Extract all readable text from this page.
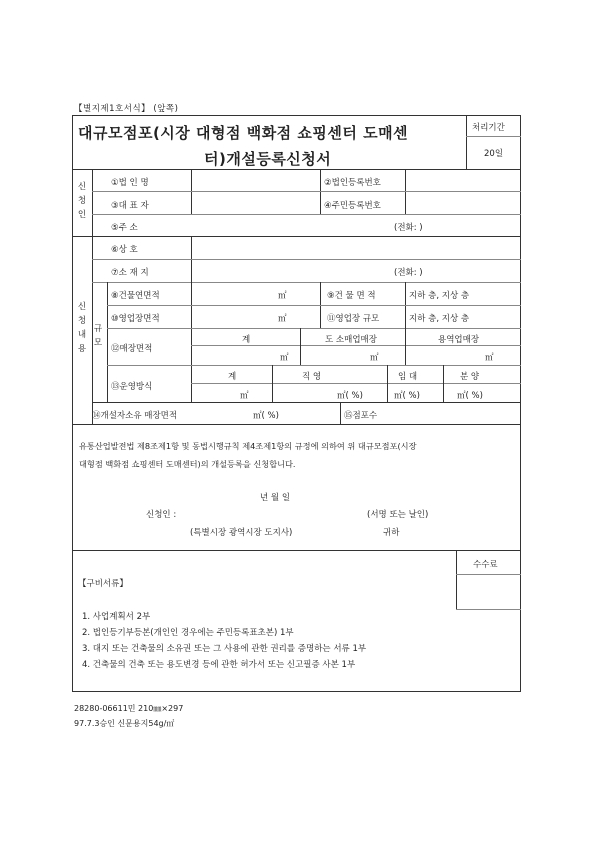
【별지제1호서식】 (앞쪽)
대규모점포(시장 대형점 백화점 쇼핑센터 도매센
터)개설등록신청서
처리기간
20일
신
청
인
①법 인 명	②법인등록번호
③대 표 자	④주민등록번호
⑤주 소	(전화: )
신
청
내
용
⑥상 호
⑦소 재 지	(전화: )
규
모
⑧건물연면적	㎡	⑨건 물 면 적	지하 층, 지상 층
⑩영업장면적	㎡	⑪영업장 규모	지하 층, 지상 층
⑫매장면적
계	도 소매업매장	용역업매장
㎡	㎡	㎡
⑬운영방식
계	직 영	임 대	분 양
㎡	㎡( %)	㎡( %)	㎡( %)
⑭개설자소유 매장면적	㎡( %)	⑮점포수
유통산업발전법 제8조제1항 및 동법시행규칙 제4조제1항의 규정에 의하여 위 대규모점포(시장
대형점 백화점 쇼핑센터 도매센터)의 개설등록을 신청합니다.
년 월 일
신청인 :	(서명 또는 날인)
(특별시장 광역시장 도지사)	귀하
수수료
【구비서류】
1. 사업계획서 2부
2. 법인등기부등본(개인인 경우에는 주민등록표초본) 1부
3. 대지 또는 건축물의 소유권 또는 그 사용에 관한 권리를 증명하는 서류 1부
4. 건축물의 건축 또는 용도변경 등에 관한 허가서 또는 신고필증 사본 1부
28280-06611민 210㎜×297
97.7.3승인 신문용지54g/㎡
